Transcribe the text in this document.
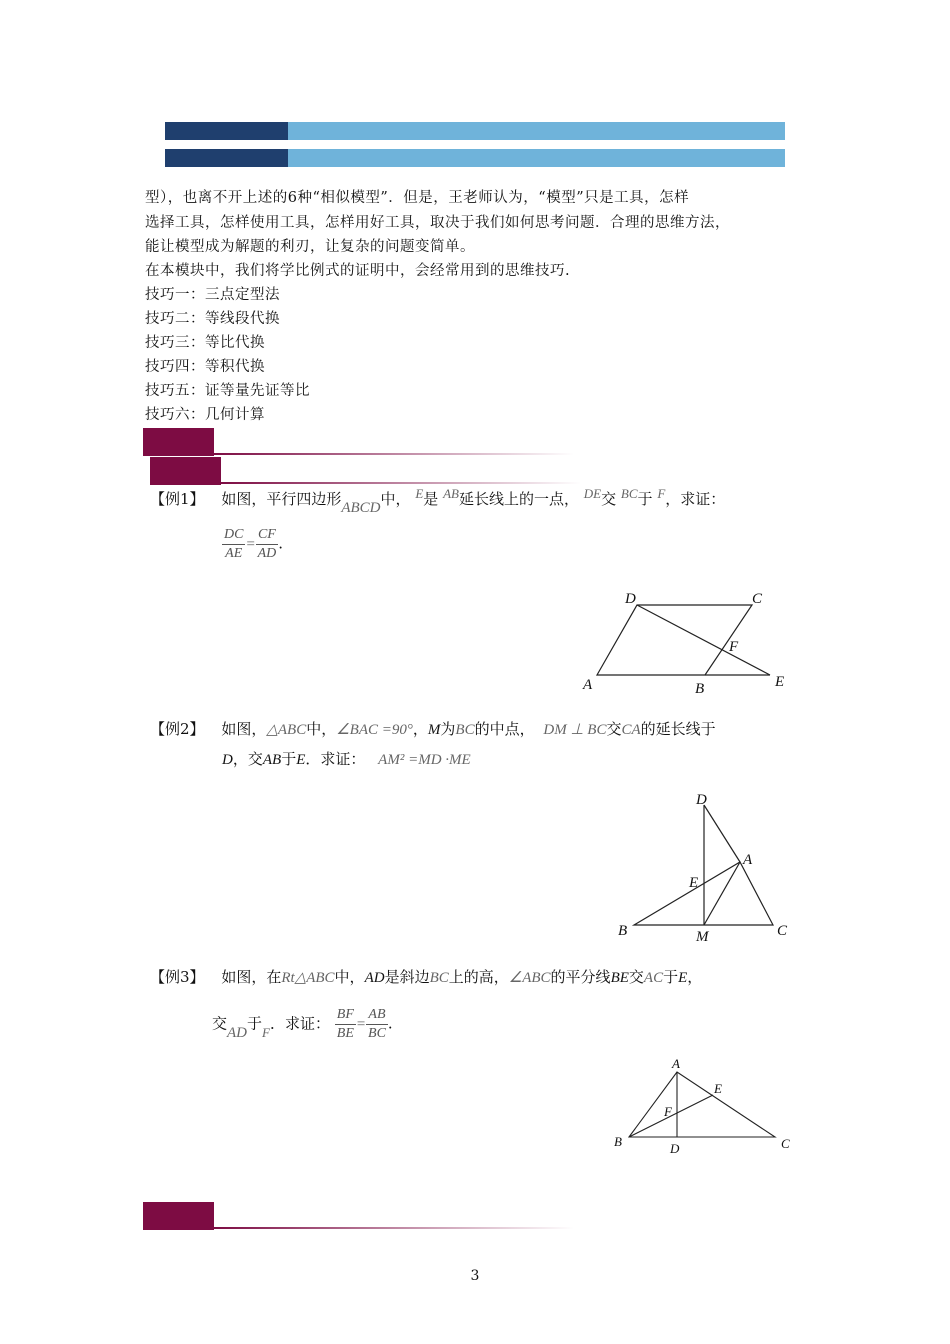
型），也离不开上述的6种“相似模型”．但是，王老师认为，“模型”只是工具，怎样
选择工具，怎样使用工具，怎样用好工具，取决于我们如何思考问题．合理的思维方法，
能让模型成为解题的利刃，让复杂的问题变简单。
在本模块中，我们将学比例式的证明中，会经常用到的思维技巧.
技巧一：三点定型法
技巧二：等线段代换
技巧三：等比代换
技巧四：等积代换
技巧五：证等量先证等比
技巧六：几何计算
【例1】 如图，平行四边形ABCD中， E是 AB延长线上的一点， DE交 BC于 F，求证：
$\frac{DC}{AE} = \frac{CF}{AD}$ .
A	B
C
D
E
F
【例2】 如图，△ABC中，∠BAC =90°，M为BC的中点， DM ⊥ BC交CA的延长线于
D，交AB于E．求证： AM² =MD ·ME
D
A
E
B	M	C
【例3】 如图，在Rt△ABC中，AD是斜边BC上的高，∠ABC的平分线BE交AC于E，
交AD于F．求证： $\frac{BF}{BE} = \frac{AB}{BC}$ .
A
E
F
B	D	C
3
